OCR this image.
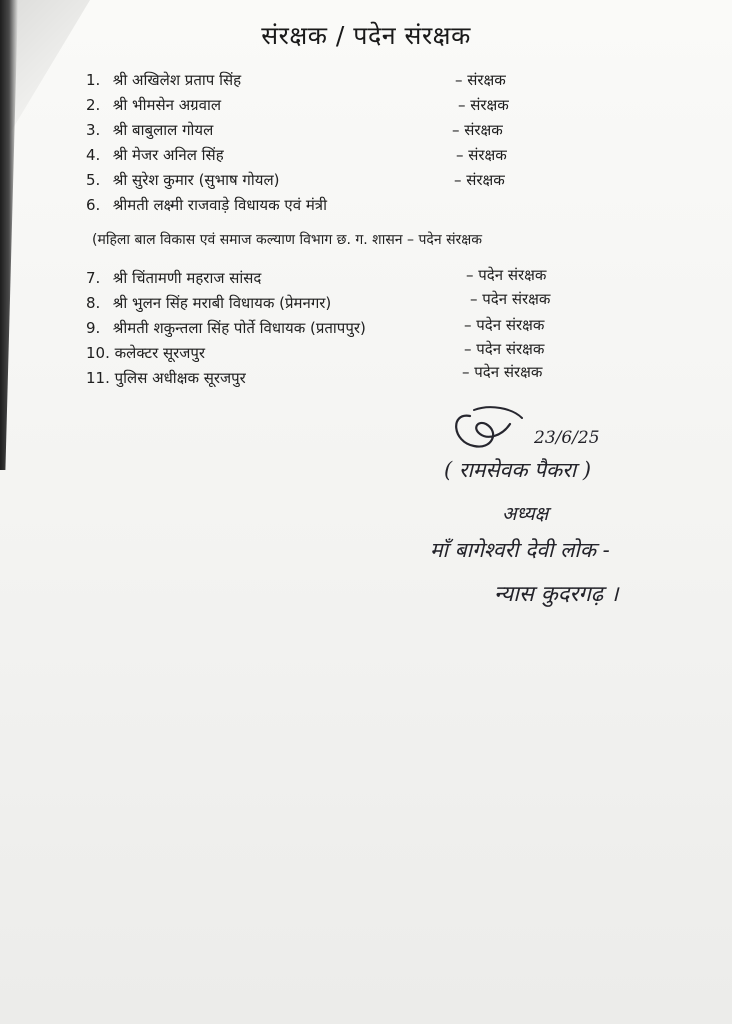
संरक्षक / पदेन संरक्षक
1. श्री अखिलेश प्रताप सिंह	– संरक्षक
2. श्री भीमसेन अग्रवाल	– संरक्षक
3. श्री बाबुलाल गोयल	– संरक्षक
4. श्री मेजर अनिल सिंह	– संरक्षक
5. श्री सुरेश कुमार (सुभाष गोयल)	– संरक्षक
6. श्रीमती लक्ष्मी राजवाड़े विधायक एवं मंत्री
(महिला बाल विकास एवं समाज कल्याण विभाग छ. ग. शासन – पदेन संरक्षक
7. श्री चिंतामणी महराज सांसद	– पदेन संरक्षक
8. श्री भुलन सिंह मराबी विधायक (प्रेमनगर)	– पदेन संरक्षक
9. श्रीमती शकुन्तला सिंह पोर्ते विधायक (प्रतापपुर)	– पदेन संरक्षक
10. कलेक्टर सूरजपुर	– पदेन संरक्षक
11. पुलिस अधीक्षक सूरजपुर	– पदेन संरक्षक
23/6/25
( रामसेवक पैकरा )
अध्यक्ष
माँ बागेश्वरी देवी लोक -
न्यास कुदरगढ़ ।
